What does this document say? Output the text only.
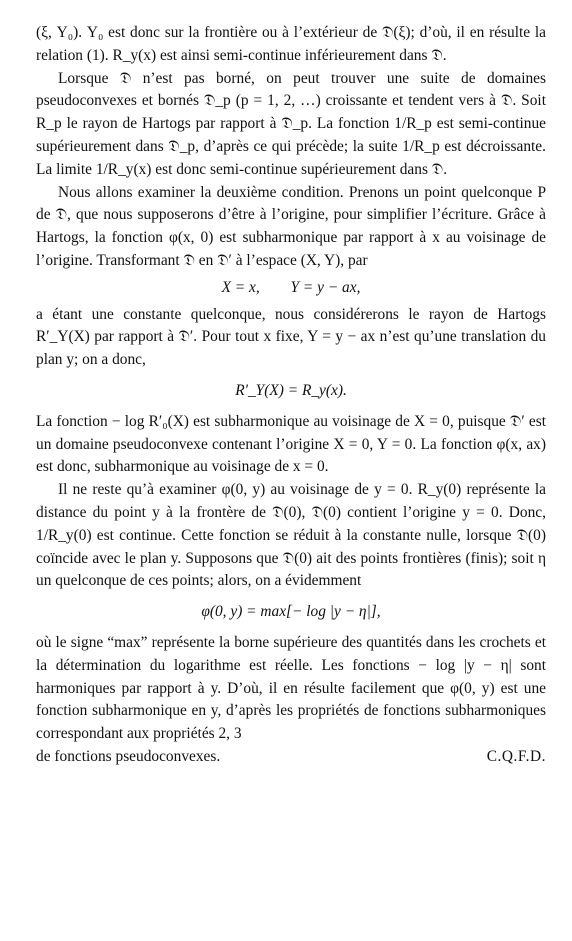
(ξ, Y₀). Y₀ est donc sur la frontière ou à l’extérieur de 𝔇(ξ); d’où, il en résulte la relation (1). R_y(x) est ainsi semi-continue inférieurement dans 𝔇.

Lorsque 𝔇 n’est pas borné, on peut trouver une suite de domaines pseudoconvexes et bornés 𝔇_p (p = 1, 2, …) croissante et tendent vers à 𝔇. Soit R_p le rayon de Hartogs par rapport à 𝔇_p. La fonction 1/R_p est semi-continue supérieurement dans 𝔇_p, d’après ce qui précède; la suite 1/R_p est décroissante. La limite 1/R_y(x) est donc semi-continue supérieurement dans 𝔇.

Nous allons examiner la deuxième condition. Prenons un point quelconque P de 𝔇, que nous supposerons d’être à l’origine, pour simplifier l’écriture. Grâce à Hartogs, la fonction φ(x, 0) est subharmonique par rapport à x au voisinage de l’origine. Transformant 𝔇 en 𝔇′ à l’espace (X, Y), par

X = x,        Y = y − ax,

a étant une constante quelconque, nous considérerons le rayon de Hartogs R′_Y(X) par rapport à 𝔇′. Pour tout x fixe, Y = y − ax n’est qu’une translation du plan y; on a donc,

R′_Y(X) = R_y(x).

La fonction − log R′₀(X) est subharmonique au voisinage de X = 0, puisque 𝔇′ est un domaine pseudoconvexe contenant l’origine X = 0, Y = 0. La fonction φ(x, ax) est donc, subharmonique au voisinage de x = 0.

Il ne reste qu’à examiner φ(0, y) au voisinage de y = 0. R_y(0) représente la distance du point y à la frontère de 𝔇(0), 𝔇(0) contient l’origine y = 0. Donc, 1/R_y(0) est continue. Cette fonction se réduit à la constante nulle, lorsque 𝔇(0) coïncide avec le plan y. Supposons que 𝔇(0) ait des points frontières (finis); soit η un quelconque de ces points; alors, on a évidemment

φ(0, y) = max[− log |y − η|],

où le signe “max” représente la borne supérieure des quantités dans les crochets et la détermination du logarithme est réelle. Les fonctions − log |y − η| sont harmoniques par rapport à y. D’où, il en résulte facilement que φ(0, y) est une fonction subharmonique en y, d’après les propriétés de fonctions subharmoniques correspondant aux propriétés 2, 3

de fonctions pseudoconvexes.	C.Q.F.D.
